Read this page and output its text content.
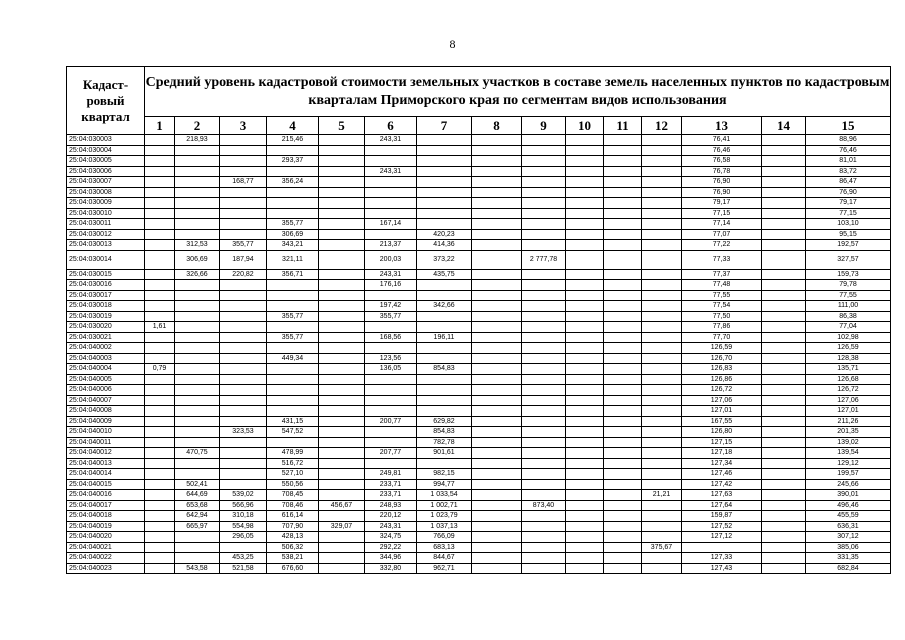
8
Кадаст-ровый квартал	Средний уровень кадастровой стоимости земельных участков в составе земель населенных пунктов по кадастровым кварталам Приморского края по сегментам видов использования														
	1	2	3	4	5	6	7	8	9	10	11	12	13	14	15
25:04:030003		218,93		215,46		243,31							76,41		88,96
25:04:030004													76,46		76,46
25:04:030005				293,37									76,58		81,01
25:04:030006						243,31							76,78		83,72
25:04:030007			168,77	356,24									76,90		86,47
25:04:030008													76,90		76,90
25:04:030009													79,17		79,17
25:04:030010													77,15		77,15
25:04:030011				355,77		167,14							77,14		103,10
25:04:030012				306,69			420,23						77,07		95,15
25:04:030013		312,53	355,77	343,21		213,37	414,36						77,22		192,57
25:04:030014		306,69	187,94	321,11		200,03	373,22		2 777,78				77,33		327,57
25:04:030015		326,66	220,82	356,71		243,31	435,75						77,37		159,73
25:04:030016						176,16							77,48		79,78
25:04:030017													77,55		77,55
25:04:030018						197,42	342,66						77,54		111,00
25:04:030019				355,77		355,77							77,50		86,38
25:04:030020	1,61												77,86		77,04
25:04:030021				355,77		168,56	196,11						77,70		102,98
25:04:040002													126,59		126,59
25:04:040003				449,34		123,56							126,70		128,38
25:04:040004	0,79					136,05	854,83						126,83		135,71
25:04:040005													126,86		126,68
25:04:040006													126,72		126,72
25:04:040007													127,06		127,06
25:04:040008													127,01		127,01
25:04:040009				431,15		200,77	629,82						167,55		211,26
25:04:040010			323,53	547,52			854,83						126,80		201,35
25:04:040011							782,78						127,15		139,02
25:04:040012		470,75		478,99		207,77	901,61						127,18		139,54
25:04:040013				516,72									127,34		129,12
25:04:040014				527,10		249,81	982,15						127,46		199,57
25:04:040015		502,41		550,56		233,71	994,77						127,42		245,66
25:04:040016		644,69	539,02	708,45		233,71	1 033,54					21,21	127,63		390,01
25:04:040017		653,68	566,96	708,46	456,67	248,93	1 002,71		873,40				127,64		496,46
25:04:040018		642,94	310,18	616,14		220,12	1 023,79						159,87		455,59
25:04:040019		665,97	554,98	707,90	329,07	243,31	1 037,13						127,52		636,31
25:04:040020			296,05	428,13		324,75	766,09						127,12		307,12
25:04:040021				506,32		292,22	683,13					375,67			385,06
25:04:040022			453,25	538,21		344,96	844,67						127,33		331,35
25:04:040023		543,58	521,58	676,60		332,80	962,71						127,43		682,84
